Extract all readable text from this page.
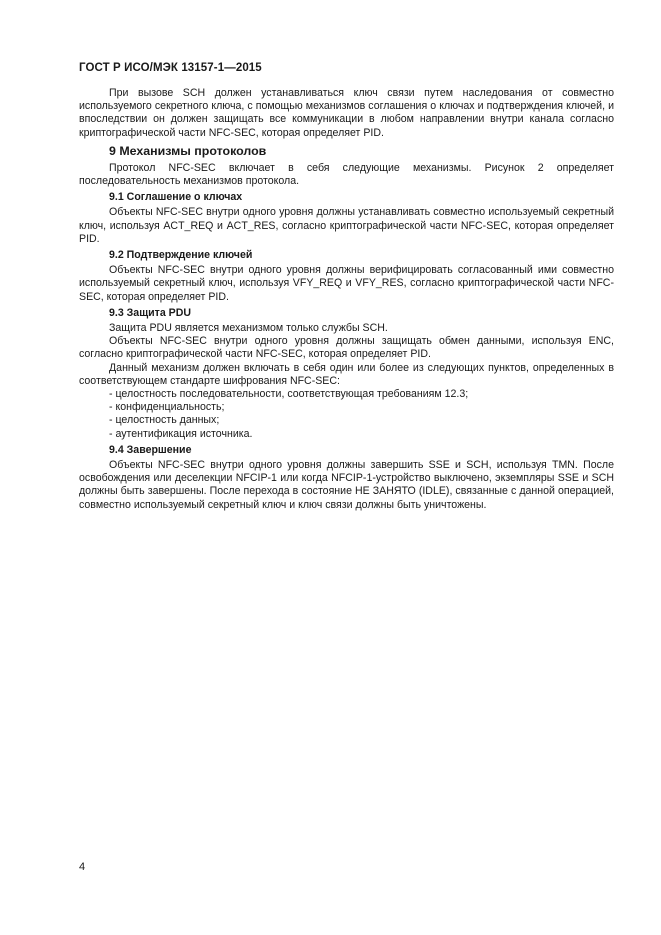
ГОСТ Р ИСО/МЭК 13157-1—2015

При вызове SCH должен устанавливаться ключ связи путем наследования от совместно используемого секретного ключа, с помощью механизмов соглашения о ключах и подтверждения ключей, и впоследствии он должен защищать все коммуникации в любом направлении внутри канала согласно криптографической части NFC-SEC, которая определяет PID.

9 Механизмы протоколов

Протокол NFC-SEC включает в себя следующие механизмы. Рисунок 2 определяет последовательность механизмов протокола.

9.1 Соглашение о ключах

Объекты NFC-SEC внутри одного уровня должны устанавливать совместно используемый секретный ключ, используя ACT_REQ и ACT_RES, согласно криптографической части NFC-SEC, которая определяет PID.

9.2 Подтверждение ключей

Объекты NFC-SEC внутри одного уровня должны верифицировать согласованный ими совместно используемый секретный ключ, используя VFY_REQ и VFY_RES, согласно криптографической части NFC-SEC, которая определяет PID.

9.3 Защита PDU

Защита PDU является механизмом только службы SCH.

Объекты NFC-SEC внутри одного уровня должны защищать обмен данными, используя ENC, согласно криптографической части NFC-SEC, которая определяет PID.

Данный механизм должен включать в себя один или более из следующих пунктов, определенных в соответствующем стандарте шифрования NFC-SEC:

- целостность последовательности, соответствующая требованиям 12.3;
- конфиденциальность;
- целостность данных;
- аутентификация источника.
9.4 Завершение

Объекты NFC-SEC внутри одного уровня должны завершить SSE и SCH, используя TMN. После освобождения или деселекции NFCIP-1 или когда NFCIP-1-устройство выключено, экземпляры SSE и SCH должны быть завершены. После перехода в состояние НЕ ЗАНЯТО (IDLE), связанные с данной операцией, совместно используемый секретный ключ и ключ связи должны быть уничтожены.

4
